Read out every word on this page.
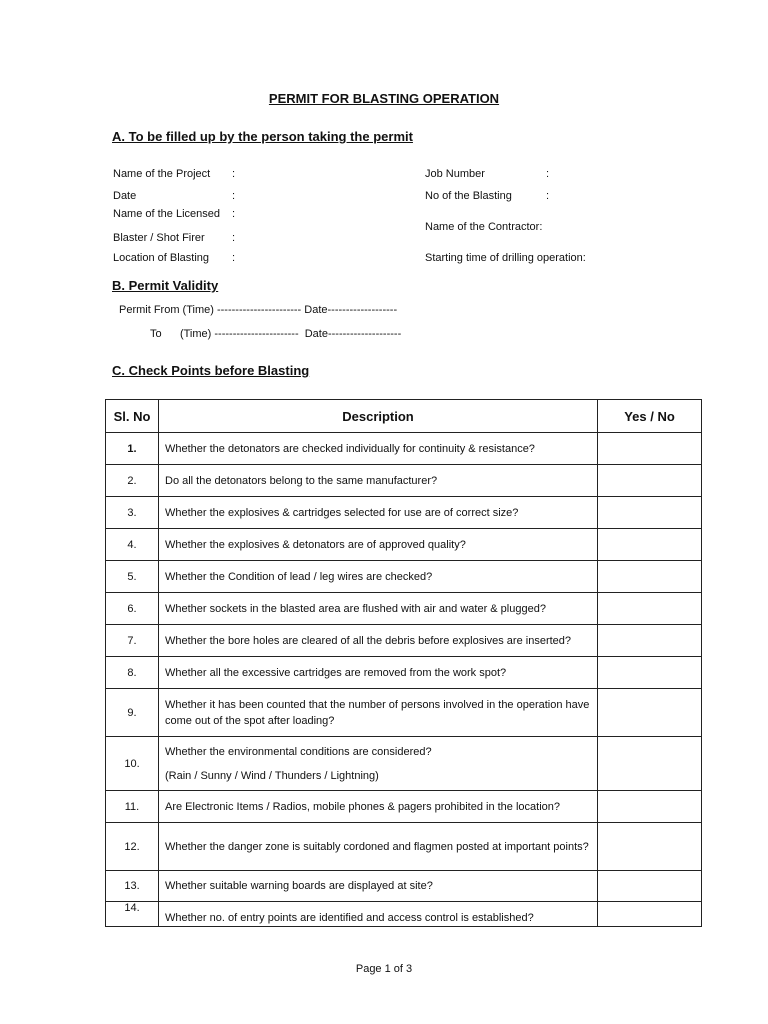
PERMIT FOR BLASTING OPERATION
A. To be filled up by the person taking the permit
Name of the Project :
Date	:
Name of the Licensed :
Blaster / Shot Firer :
Location of Blasting :
Job Number	:
No of the Blasting	:
Name of the Contractor:
Starting time of drilling operation:
B. Permit Validity
Permit From (Time) ----------------------- Date-------------------
To      (Time) -----------------------  Date--------------------
C. Check Points before Blasting
Sl. No	Description	Yes / No
1.	Whether the detonators are checked individually for continuity & resistance?	

2.	Do all the detonators belong to the same manufacturer?	

3.	Whether the explosives & cartridges selected for use are of correct size?	

4.	Whether the explosives & detonators are of approved quality?	

5.	Whether the Condition of lead / leg wires are checked?	

6.	Whether sockets in the blasted area are flushed with air and water & plugged?	

7.	Whether the bore holes are cleared of all the debris before explosives are inserted?	

8.	Whether all the excessive cartridges are removed from the work spot?	

9.	Whether it has been counted that the number of persons involved in the operation have come out of the spot after loading?	

10.	Whether the environmental conditions are considered?

(Rain / Sunny / Wind / Thunders / Lightning)	

11.	Are Electronic Items / Radios, mobile phones & pagers prohibited in the location?	

12.	Whether the danger zone is suitably cordoned and flagmen posted at important points?	

13.	Whether suitable warning boards are displayed at site?	

14.	Whether no. of entry points are identified and access control is established?	

Page 1 of 3
